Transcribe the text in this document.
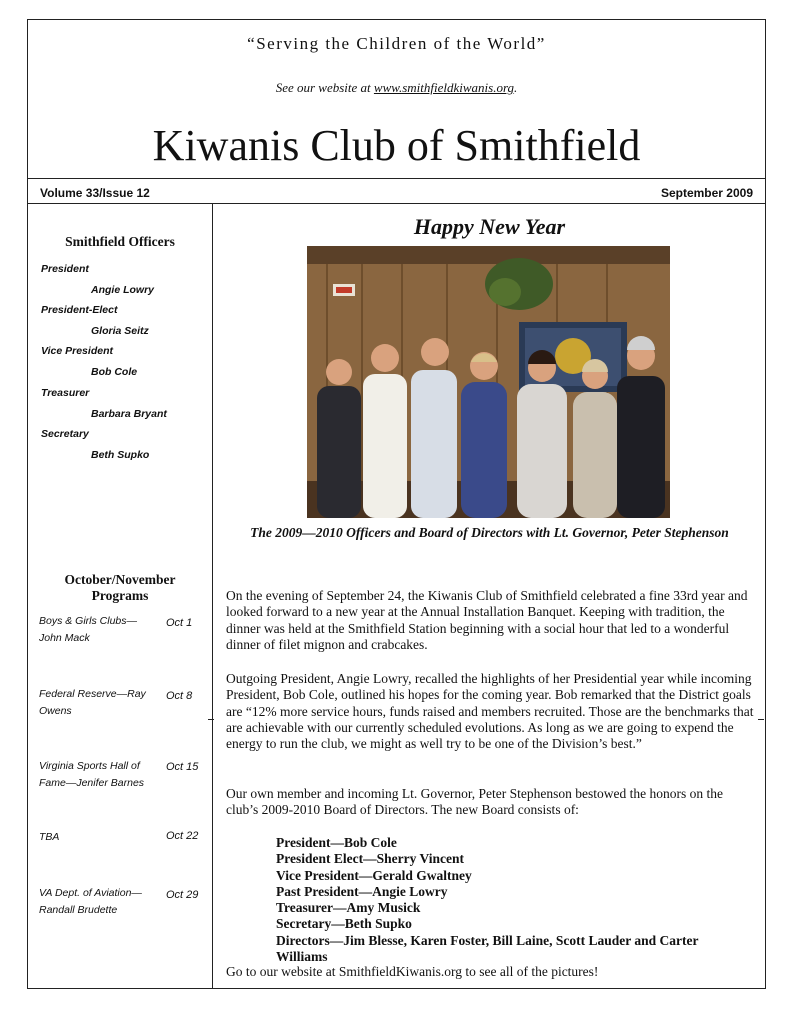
“Serving the Children of the World”
See our website at www.smithfieldkiwanis.org.
Kiwanis Club of Smithfield
Volume 33/Issue 12	September 2009
Smithfield Officers
President
Angie Lowry
President-Elect
Gloria Seitz
Vice President
Bob Cole
Treasurer
Barbara Bryant
Secretary
Beth Supko
October/November
Programs
Boys & Girls Clubs—John Mack
Oct 1
Federal Reserve—Ray Owens
Oct 8
Virginia Sports Hall of Fame—Jenifer Barnes
Oct 15
TBA	Oct 22
VA Dept. of Aviation—Randall Brudette
Oct 29
Happy New Year
The 2009—2010 Officers and Board of Directors with Lt. Governor, Peter Stephenson

On the evening of September 24, the Kiwanis Club of Smithfield celebrated a fine 33rd year and looked forward to a new year at the Annual Installation Banquet. Keeping with tradition, the dinner was held at the Smithfield Station beginning with a social hour that led to a wonderful dinner of filet mignon and crabcakes.

Outgoing President, Angie Lowry, recalled the highlights of her Presidential year while incoming President, Bob Cole, outlined his hopes for the coming year. Bob remarked that the District goals are “12% more service hours, funds raised and members recruited. Those are the benchmarks that are achievable with our currently scheduled evolutions. As long as we are going to expend the energy to run the club, we might as well try to be one of the Division’s best.”

Our own member and incoming Lt. Governor, Peter Stephenson bestowed the honors on the club’s 2009-2010 Board of Directors. The new Board consists of:

President—Bob Cole
President Elect—Sherry Vincent
Vice President—Gerald Gwaltney
Past President—Angie Lowry
Treasurer—Amy Musick
Secretary—Beth Supko
Directors—Jim Blesse, Karen Foster, Bill Laine, Scott Lauder and Carter Williams

Go to our website at SmithfieldKiwanis.org to see all of the pictures!
